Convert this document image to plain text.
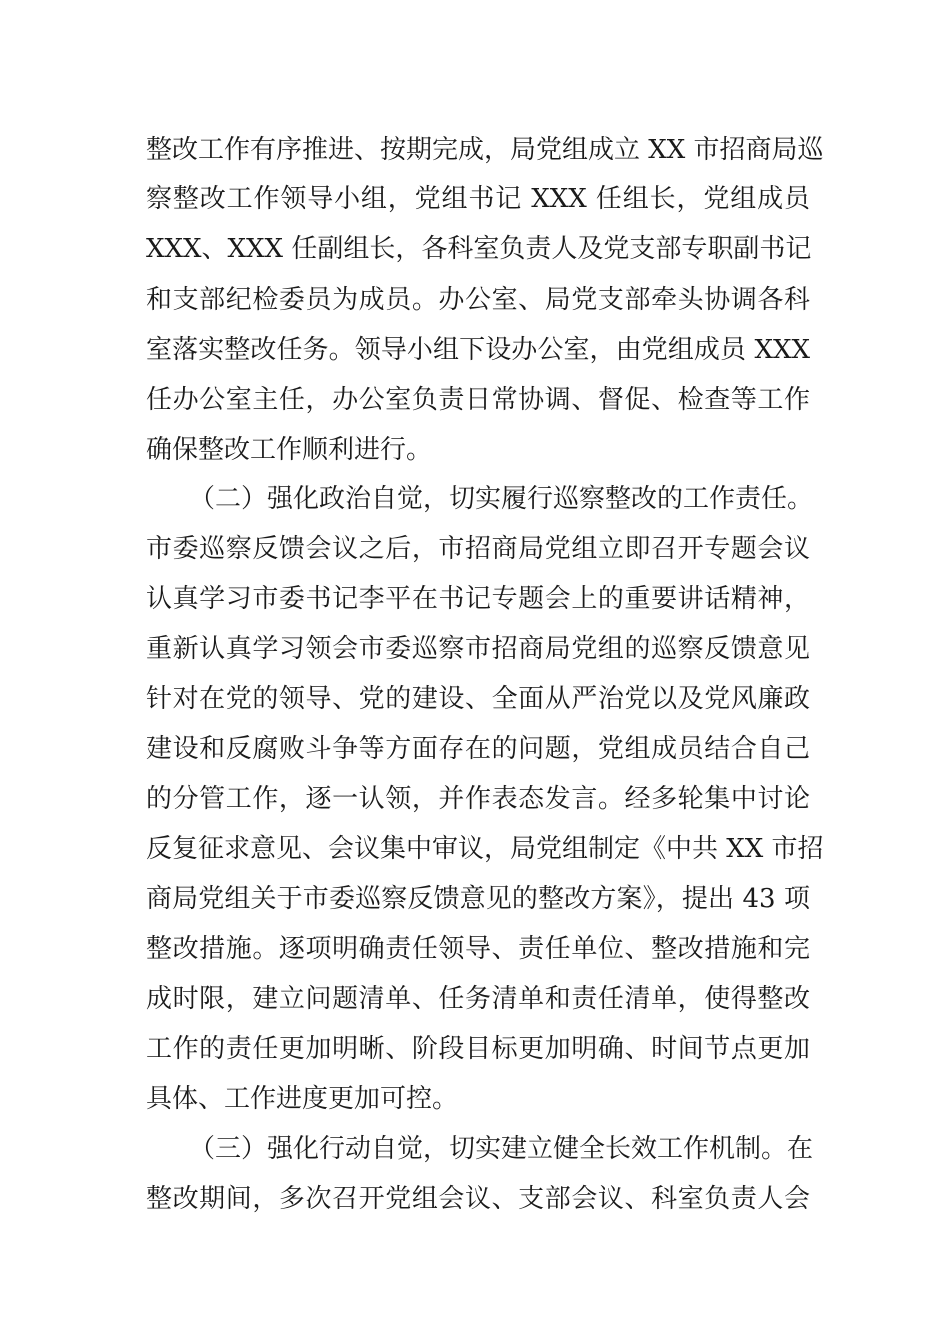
整改工作有序推进、按期完成，局党组成立 XX 市招商局巡
察整改工作领导小组，党组书记 XXX 任组长，党组成员
XXX、XXX 任副组长，各科室负责人及党支部专职副书记
和支部纪检委员为成员。办公室、局党支部牵头协调各科
室落实整改任务。领导小组下设办公室，由党组成员 XXX
任办公室主任，办公室负责日常协调、督促、检查等工作
确保整改工作顺利进行。
（二）强化政治自觉，切实履行巡察整改的工作责任。
市委巡察反馈会议之后，市招商局党组立即召开专题会议
认真学习市委书记李平在书记专题会上的重要讲话精神，
重新认真学习领会市委巡察市招商局党组的巡察反馈意见
针对在党的领导、党的建设、全面从严治党以及党风廉政
建设和反腐败斗争等方面存在的问题，党组成员结合自己
的分管工作，逐一认领，并作表态发言。经多轮集中讨论
反复征求意见、会议集中审议，局党组制定《中共 XX 市招
商局党组关于市委巡察反馈意见的整改方案》，提出 43 项
整改措施。逐项明确责任领导、责任单位、整改措施和完
成时限，建立问题清单、任务清单和责任清单，使得整改
工作的责任更加明晰、阶段目标更加明确、时间节点更加
具体、工作进度更加可控。
（三）强化行动自觉，切实建立健全长效工作机制。在
整改期间，多次召开党组会议、支部会议、科室负责人会
